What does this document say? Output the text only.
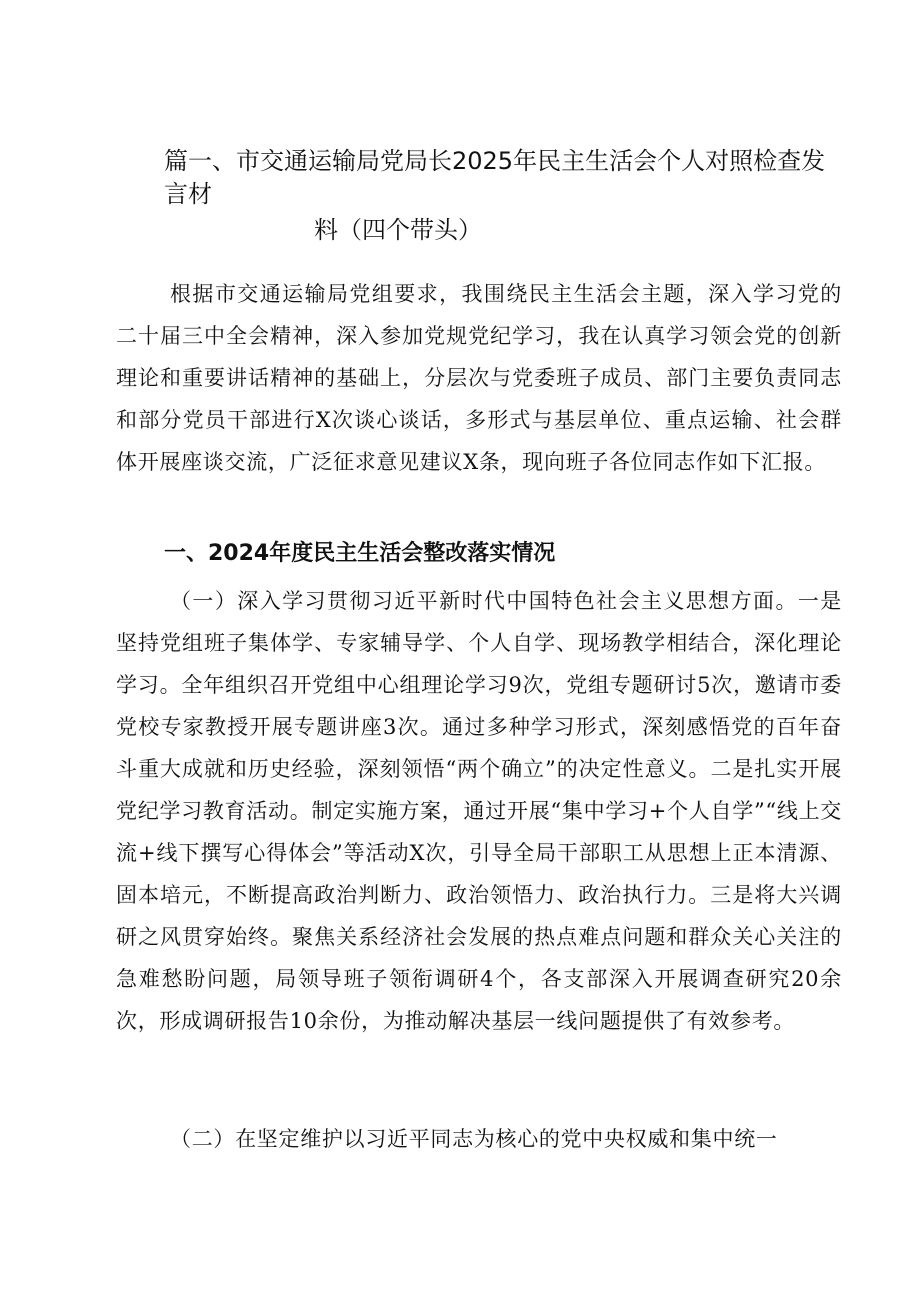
篇一、市交通运输局党局长2025年民主生活会个人对照检查发言材
料（四个带头）

根据市交通运输局党组要求，我围绕民主生活会主题，深入学习党的二十届三中全会精神，深入参加党规党纪学习，我在认真学习领会党的创新理论和重要讲话精神的基础上，分层次与党委班子成员、部门主要负责同志和部分党员干部进行X次谈心谈话，多形式与基层单位、重点运输、社会群体开展座谈交流，广泛征求意见建议X条，现向班子各位同志作如下汇报。

一、2024年度民主生活会整改落实情况

（一）深入学习贯彻习近平新时代中国特色社会主义思想方面。一是坚持党组班子集体学、专家辅导学、个人自学、现场教学相结合，深化理论学习。全年组织召开党组中心组理论学习9次，党组专题研讨5次，邀请市委党校专家教授开展专题讲座3次。通过多种学习形式，深刻感悟党的百年奋斗重大成就和历史经验，深刻领悟“两个确立”的决定性意义。二是扎实开展党纪学习教育活动。制定实施方案，通过开展“集中学习+个人自学”“线上交流+线下撰写心得体会”等活动X次，引导全局干部职工从思想上正本清源、固本培元，不断提高政治判断力、政治领悟力、政治执行力。三是将大兴调研之风贯穿始终。聚焦关系经济社会发展的热点难点问题和群众关心关注的急难愁盼问题，局领导班子领衔调研4个，各支部深入开展调查研究20余次，形成调研报告10余份，为推动解决基层一线问题提供了有效参考。

（二）在坚定维护以习近平同志为核心的党中央权威和集中统一
